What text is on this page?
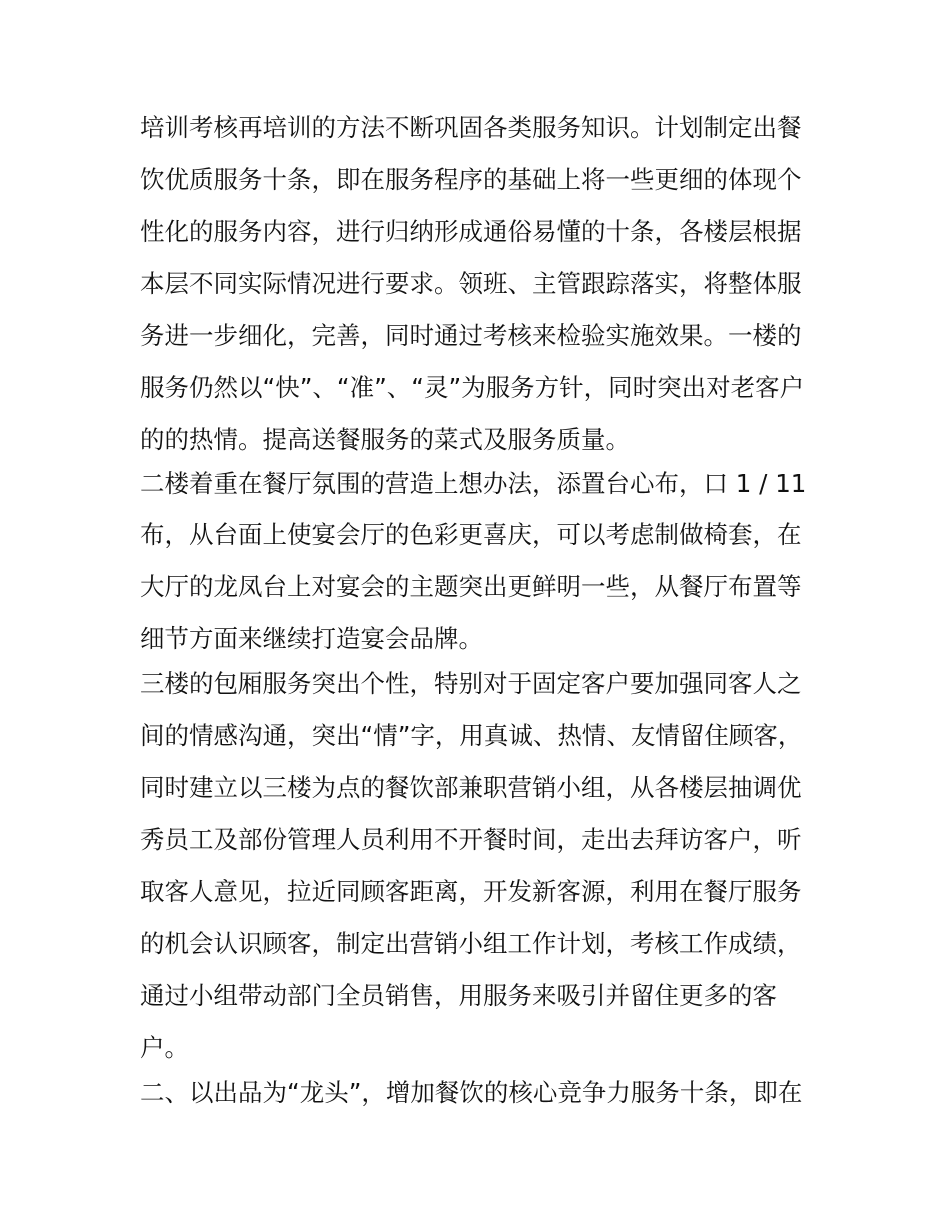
培训考核再培训的方法不断巩固各类服务知识。计划制定出餐

饮优质服务十条，即在服务程序的基础上将一些更细的体现个

性化的服务内容，进行归纳形成通俗易懂的十条，各楼层根据

本层不同实际情况进行要求。领班、主管跟踪落实，将整体服

务进一步细化，完善，同时通过考核来检验实施效果。一楼的

服务仍然以“快”、“准”、“灵”为服务方针，同时突出对老客户

的的热情。提高送餐服务的菜式及服务质量。

二楼着重在餐厅氛围的营造上想办法，添置台心布，口 1 / 11

布，从台面上使宴会厅的色彩更喜庆，可以考虑制做椅套，在

大厅的龙凤台上对宴会的主题突出更鲜明一些，从餐厅布置等

细节方面来继续打造宴会品牌。

三楼的包厢服务突出个性，特别对于固定客户要加强同客人之

间的情感沟通，突出“情”字，用真诚、热情、友情留住顾客，

同时建立以三楼为点的餐饮部兼职营销小组，从各楼层抽调优

秀员工及部份管理人员利用不开餐时间，走出去拜访客户，听

取客人意见，拉近同顾客距离，开发新客源，利用在餐厅服务

的机会认识顾客，制定出营销小组工作计划，考核工作成绩，

通过小组带动部门全员销售，用服务来吸引并留住更多的客

户。

二、以出品为“龙头”，增加餐饮的核心竞争力服务十条，即在
